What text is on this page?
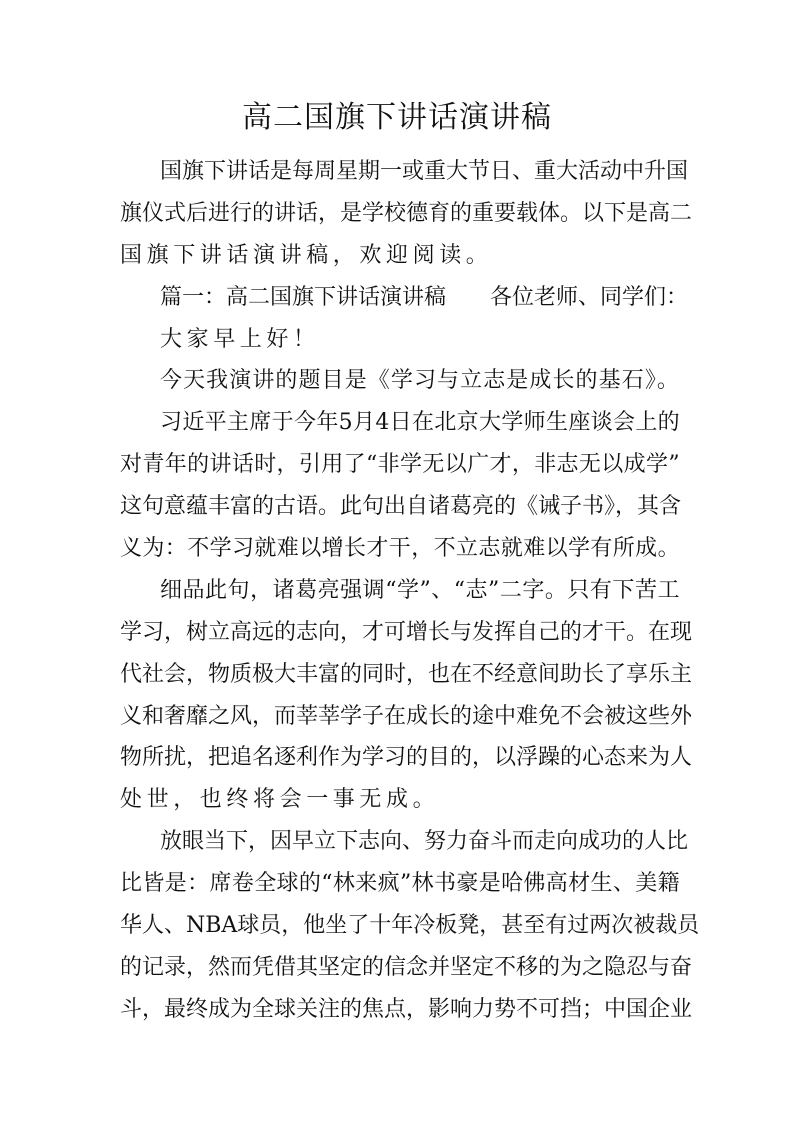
高二国旗下讲话演讲稿
国旗下讲话是每周星期一或重大节日、重大活动中升国
旗仪式后进行的讲话，是学校德育的重要载体。以下是高二
国旗下讲话演讲稿，欢迎阅读。
篇一：高二国旗下讲话演讲稿　　各位老师、同学们：
大家早上好！
今天我演讲的题目是《学习与立志是成长的基石》。
习近平主席于今年5月4日在北京大学师生座谈会上的
对青年的讲话时，引用了“非学无以广才，非志无以成学”
这句意蕴丰富的古语。此句出自诸葛亮的《诫子书》，其含
义为：不学习就难以增长才干，不立志就难以学有所成。
细品此句，诸葛亮强调“学”、“志”二字。只有下苦工
学习，树立高远的志向，才可增长与发挥自己的才干。在现
代社会，物质极大丰富的同时，也在不经意间助长了享乐主
义和奢靡之风，而莘莘学子在成长的途中难免不会被这些外
物所扰，把追名逐利作为学习的目的，以浮躁的心态来为人
处世，也终将会一事无成。
放眼当下，因早立下志向、努力奋斗而走向成功的人比
比皆是：席卷全球的“林来疯”林书豪是哈佛高材生、美籍
华人、NBA球员，他坐了十年冷板凳，甚至有过两次被裁员
的记录，然而凭借其坚定的信念并坚定不移的为之隐忍与奋
斗，最终成为全球关注的焦点，影响力势不可挡；中国企业
